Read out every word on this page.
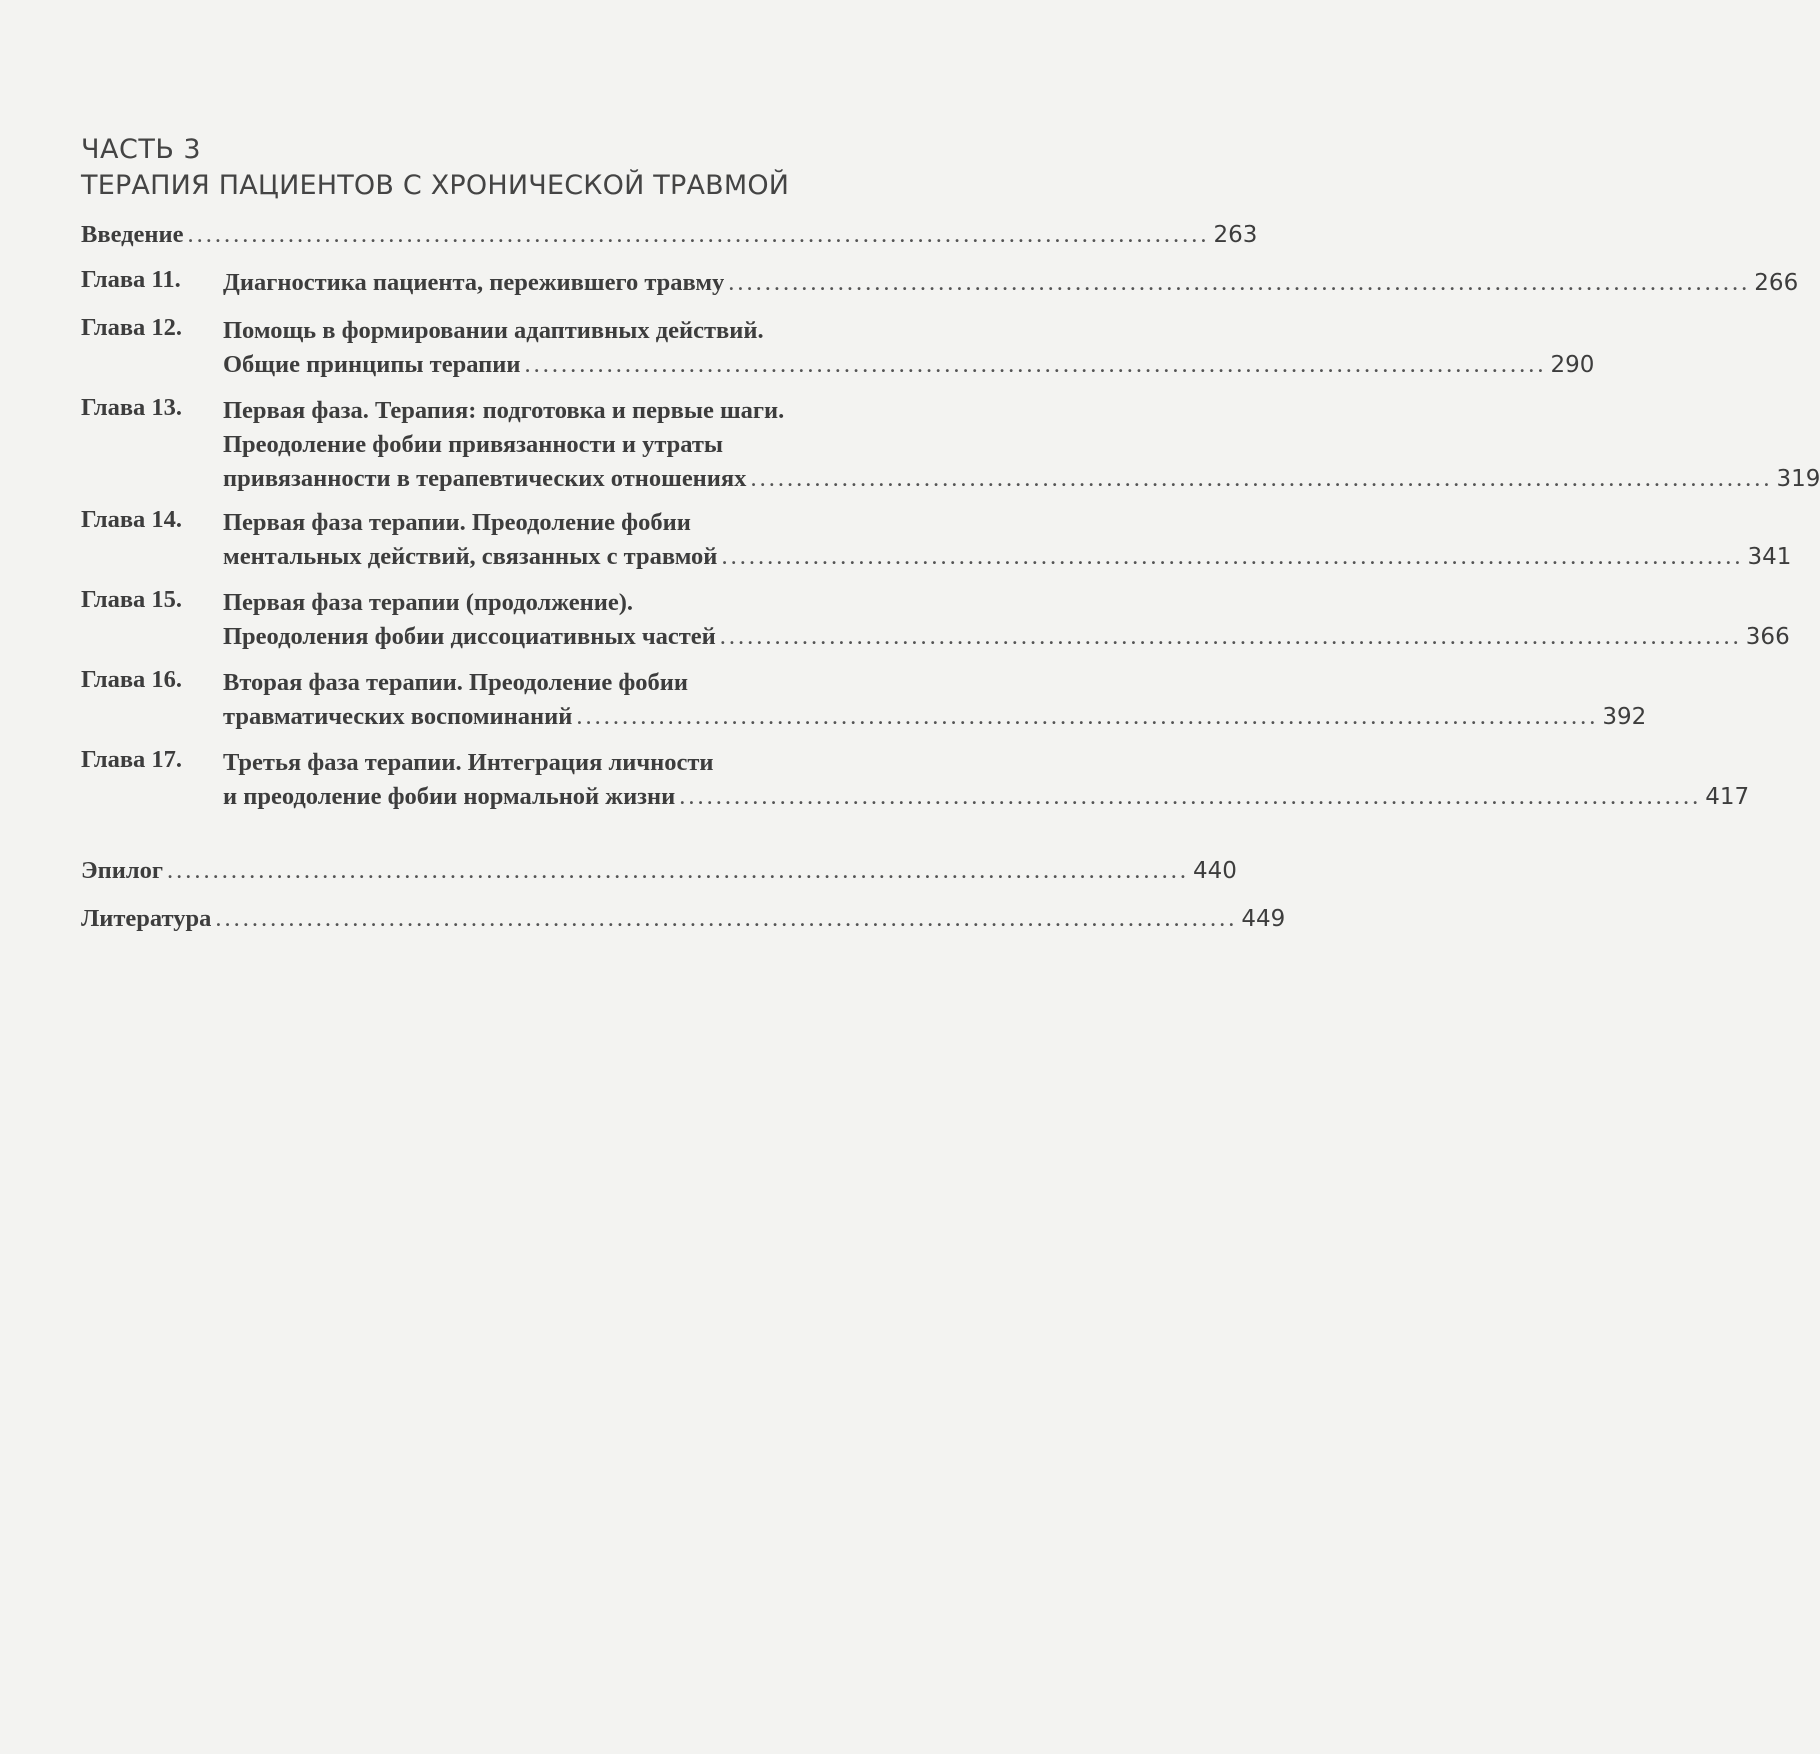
ЧАСТЬ 3
ТЕРАПИЯ ПАЦИЕНТОВ С ХРОНИЧЕСКОЙ ТРАВМОЙ
Введение ................................................................................................................ 263
Глава 11. Диагностика пациента, пережившего травму ................................................................................................................ 266
Глава 12. Помощь в формировании адаптивных действий.
Общие принципы терапии ................................................................................................................ 290
Глава 13. Первая фаза. Терапия: подготовка и первые шаги.
Преодоление фобии привязанности и утраты
привязанности в терапевтических отношениях ................................................................................................................ 319
Глава 14. Первая фаза терапии. Преодоление фобии
ментальных действий, связанных с травмой ................................................................................................................ 341
Глава 15. Первая фаза терапии (продолжение).
Преодоления фобии диссоциативных частей ................................................................................................................ 366
Глава 16. Вторая фаза терапии. Преодоление фобии
травматических воспоминаний ................................................................................................................ 392
Глава 17. Третья фаза терапии. Интеграция личности
и преодоление фобии нормальной жизни ................................................................................................................ 417
Эпилог ................................................................................................................ 440
Литература ................................................................................................................ 449
